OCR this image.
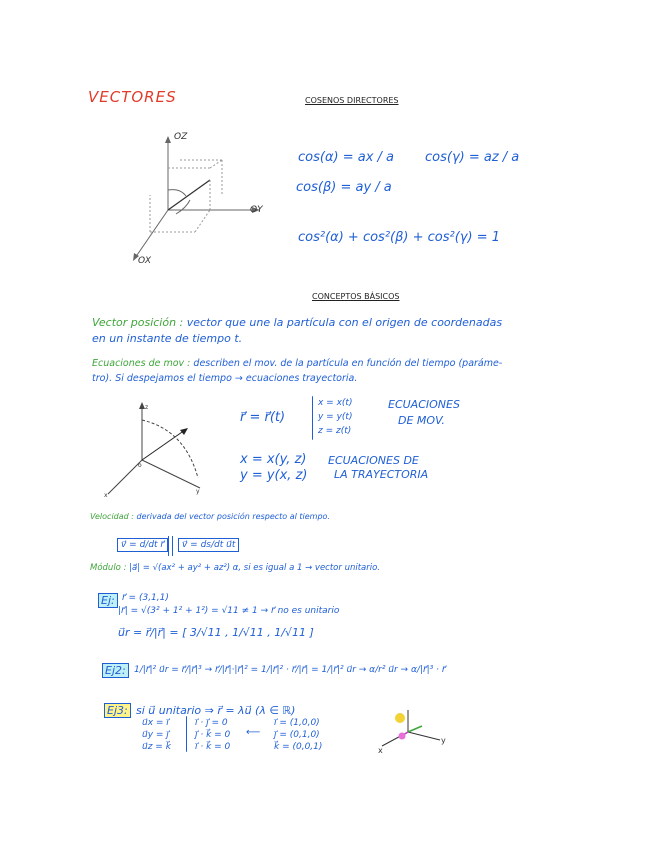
VECTORES	COSENOS DIRECTORES
OZ
OY
OX
cos(α) = ax / a
cos(β) = ay / a
cos(γ) = az / a
cos²(α) + cos²(β) + cos²(γ) = 1
CONCEPTOS BÁSICOS
Vector posición : vector que une la partícula con el origen de coordenadas
en un instante de tiempo t.
Ecuaciones de mov : describen el mov. de la partícula en función del tiempo (paráme-
tro). Si despejamos el tiempo → ecuaciones trayectoria.
z
o
y
x
r⃗ = r⃗(t)
x = x(t)
y = y(t)
z = z(t)
ECUACIONES
DE MOV.
x = x(y, z)
y = y(x, z)
ECUACIONES DE
LA TRAYECTORIA
Velocidad : derivada del vector posición respecto al tiempo.
v⃗ = d/dt r⃗	v⃗ = ds/dt u⃗t
Módulo : |a⃗| = √(ax² + ay² + az²) α, si es igual a 1 → vector unitario.
Ej: r⃗ = (3,1,1)
|r⃗| = √(3² + 1² + 1²) = √11 ≠ 1 → r⃗ no es unitario
u⃗r = r⃗/|r⃗| = [ 3/√11 , 1/√11 , 1/√11 ]
Ej2: 1/|r⃗|² u⃗r = r⃗/|r⃗|³ → r⃗/|r⃗|·|r⃗|² = 1/|r⃗|² · r⃗/|r⃗| = 1/|r⃗|² u⃗r → α/r² u⃗r → α/|r⃗|³ · r⃗
Ej3: si u⃗ unitario ⇒ r⃗ = λu⃗ (λ ∈ ℝ)
u⃗x = i⃗
u⃗y = j⃗
u⃗z = k⃗
i⃗ · j⃗ = 0
j⃗ · k⃗ = 0
i⃗ · k⃗ = 0
⟵
i⃗ = (1,0,0)
j⃗ = (0,1,0)
k⃗ = (0,0,1)	x
y
